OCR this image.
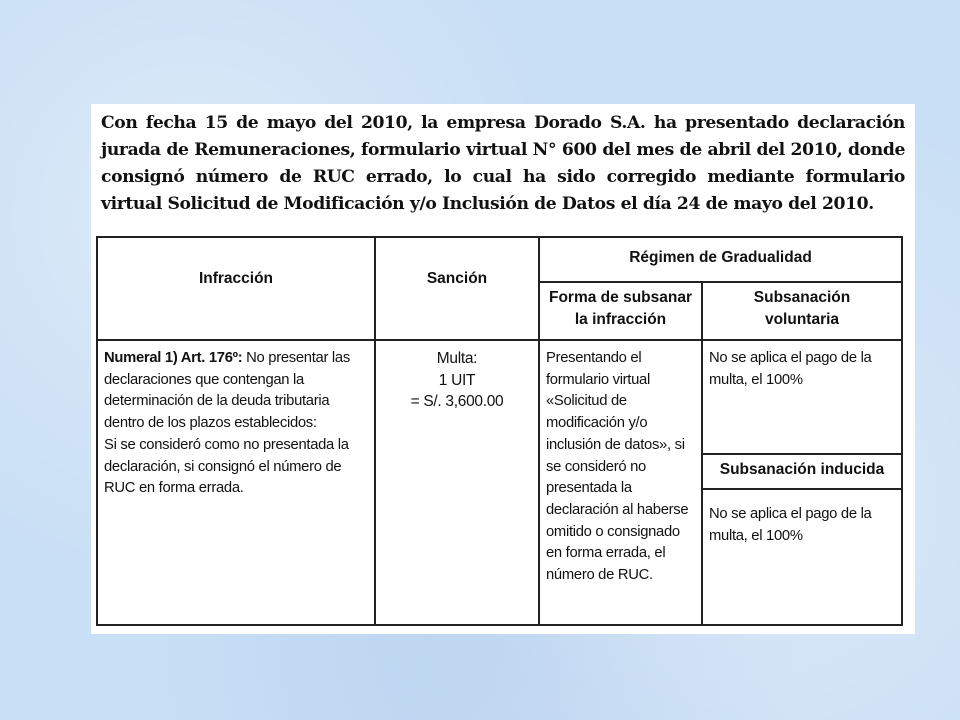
Con fecha 15 de mayo del 2010, la empresa Dorado S.A. ha presentado declaración jurada de Remuneraciones, formulario virtual N° 600 del mes de abril del 2010, donde consignó número de RUC errado, lo cual ha sido corregido mediante formulario virtual Solicitud de Modificación y/o Inclusión de Datos el día 24 de mayo del 2010.
Infracción	Sanción
Régimen de Gradualidad
Forma de subsanar
la infracción
Subsanación
voluntaria
Subsanación inducida
Numeral 1) Art. 176º: No presentar las declaraciones que contengan la determinación de la deuda tributaria dentro de los plazos establecidos:
Si se consideró como no presentada la declaración, si consignó el número de RUC en forma errada.
Multa:
1 UIT
= S/. 3,600.00
Presentando el formulario virtual «Solicitud de modificación y/o inclusión de datos», si se consideró no presentada la declaración al haberse omitido o consignado en forma errada, el número de RUC.
No se aplica el pago de la multa, el 100%
No se aplica el pago de la multa, el 100%
